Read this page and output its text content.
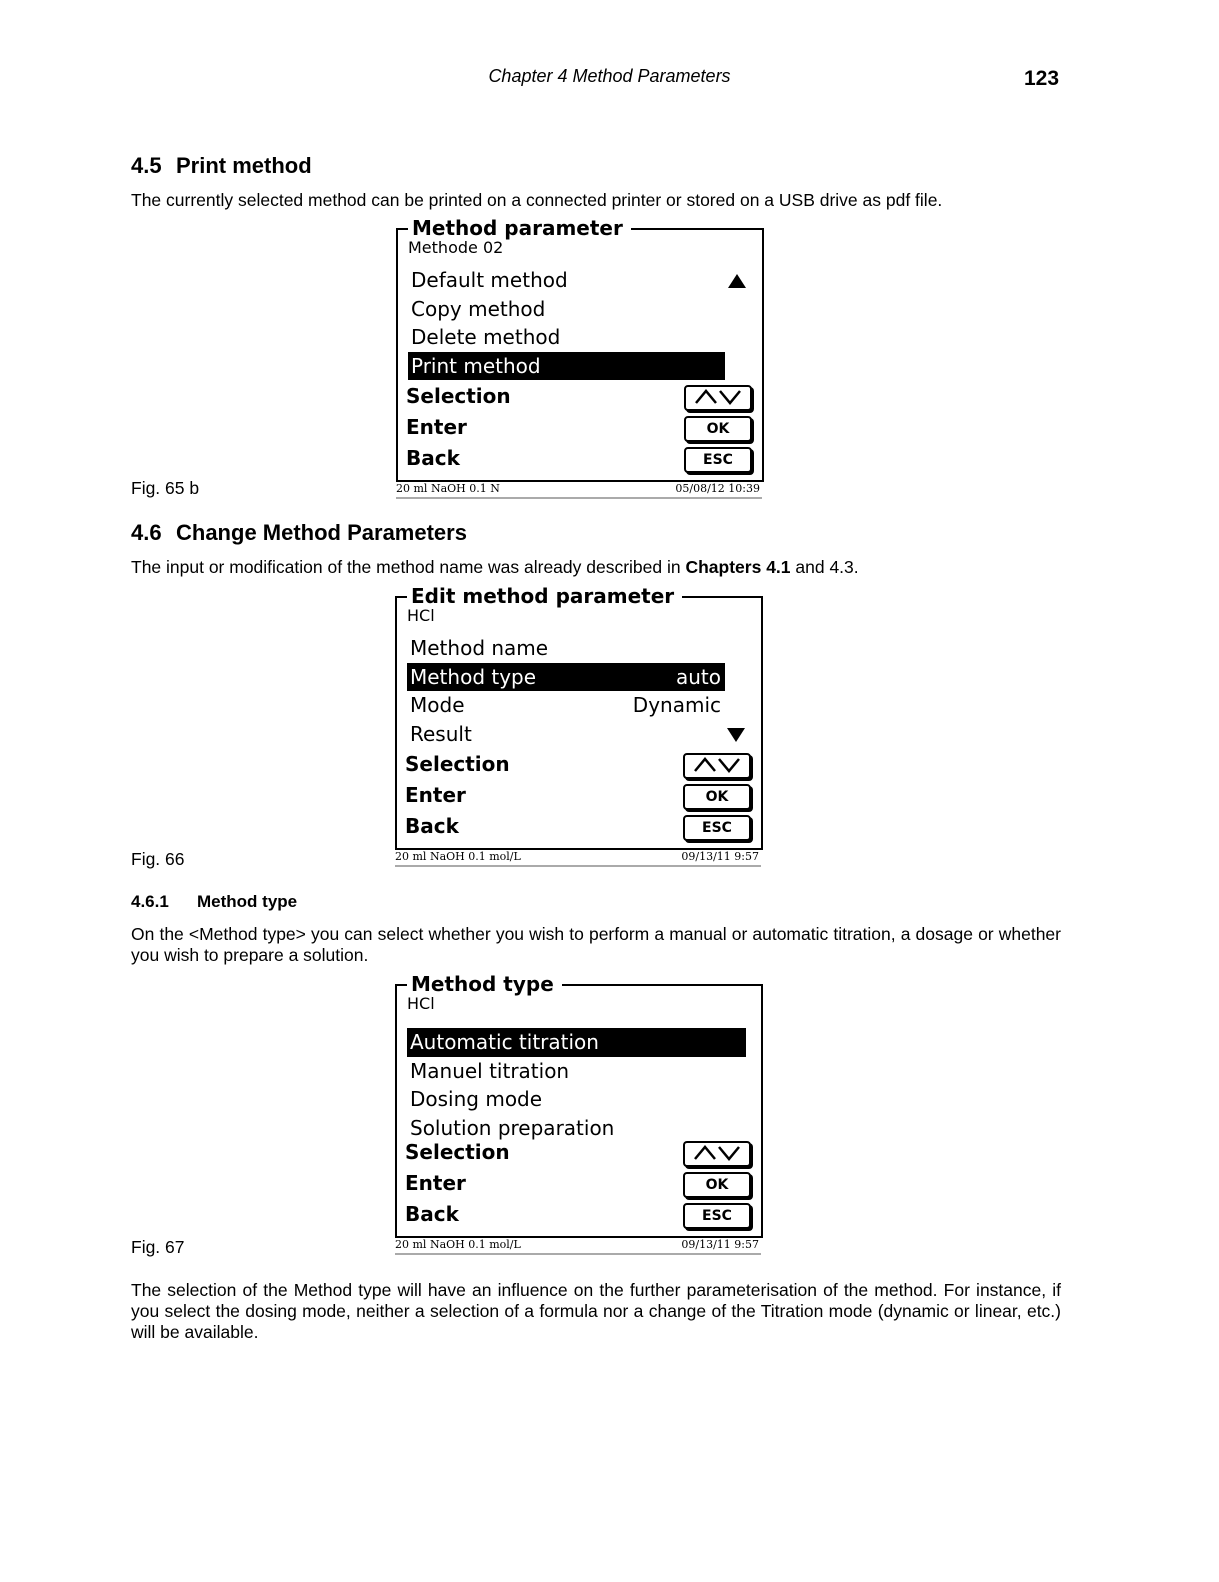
Chapter 4 Method Parameters	123
4.5 Print method
The currently selected method can be printed on a connected printer or stored on a USB drive as pdf file.
Method parameter
Methode 02
Default method
Copy method
Delete method
Print method
Selection
Enter	OK
Back	ESC
20 ml NaOH 0.1 N	05/08/12 10:39
Fig. 65 b
4.6 Change Method Parameters
The input or modification of the method name was already described in Chapters 4.1 and 4.3.
Edit method parameter
HCl
Method name
Method type	auto
Mode	Dynamic
Result
Selection
Enter	OK
Back	ESC
20 ml NaOH 0.1 mol/L	09/13/11 9:57
Fig. 66
4.6.1 Method type
On the <Method type> you can select whether you wish to perform a manual or automatic titration, a dosage or whether you wish to prepare a solution.
Method type
HCl
Automatic titration
Manuel titration
Dosing mode
Solution preparation
Selection
Enter	OK
Back	ESC
20 ml NaOH 0.1 mol/L	09/13/11 9:57
Fig. 67
The selection of the Method type will have an influence on the further parameterisation of the method. For instance, if you select the dosing mode, neither a selection of a formula nor a change of the Titration mode (dynamic or linear, etc.) will be available.
